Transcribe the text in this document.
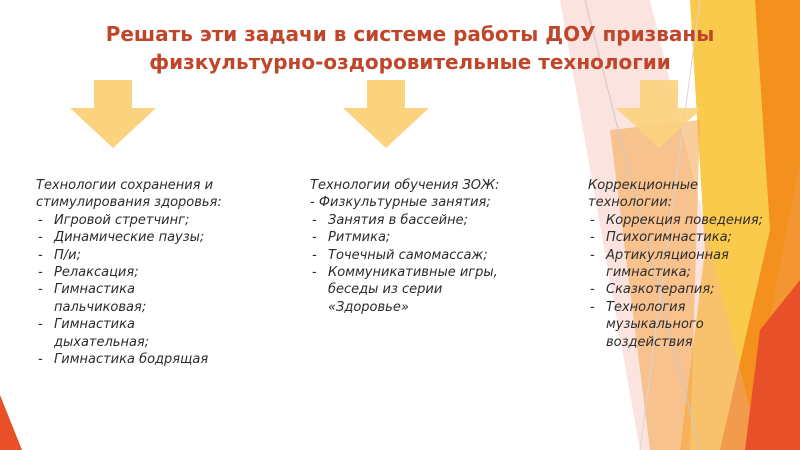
Решать эти задачи в системе работы ДОУ призваны физкультурно-оздоровительные технологии

Технологии сохранения и стимулирования здоровья:

- Игровой стретчинг;
- Динамические паузы;
- П/и;
- Релаксация;
- Гимнастика пальчиковая;
- Гимнастика дыхательная;
- Гимнастика бодрящая

Технологии обучения ЗОЖ:

- Физкультурные занятия;

- Занятия в бассейне;
- Ритмика;
- Точечный самомассаж;
- Коммуникативные игры, беседы из серии «Здоровье»

Коррекционные технологии:

- Коррекция поведения;
- Психогимнастика;
- Артикуляционная гимнастика;
- Сказкотерапия;
- Технология музыкального воздействия
